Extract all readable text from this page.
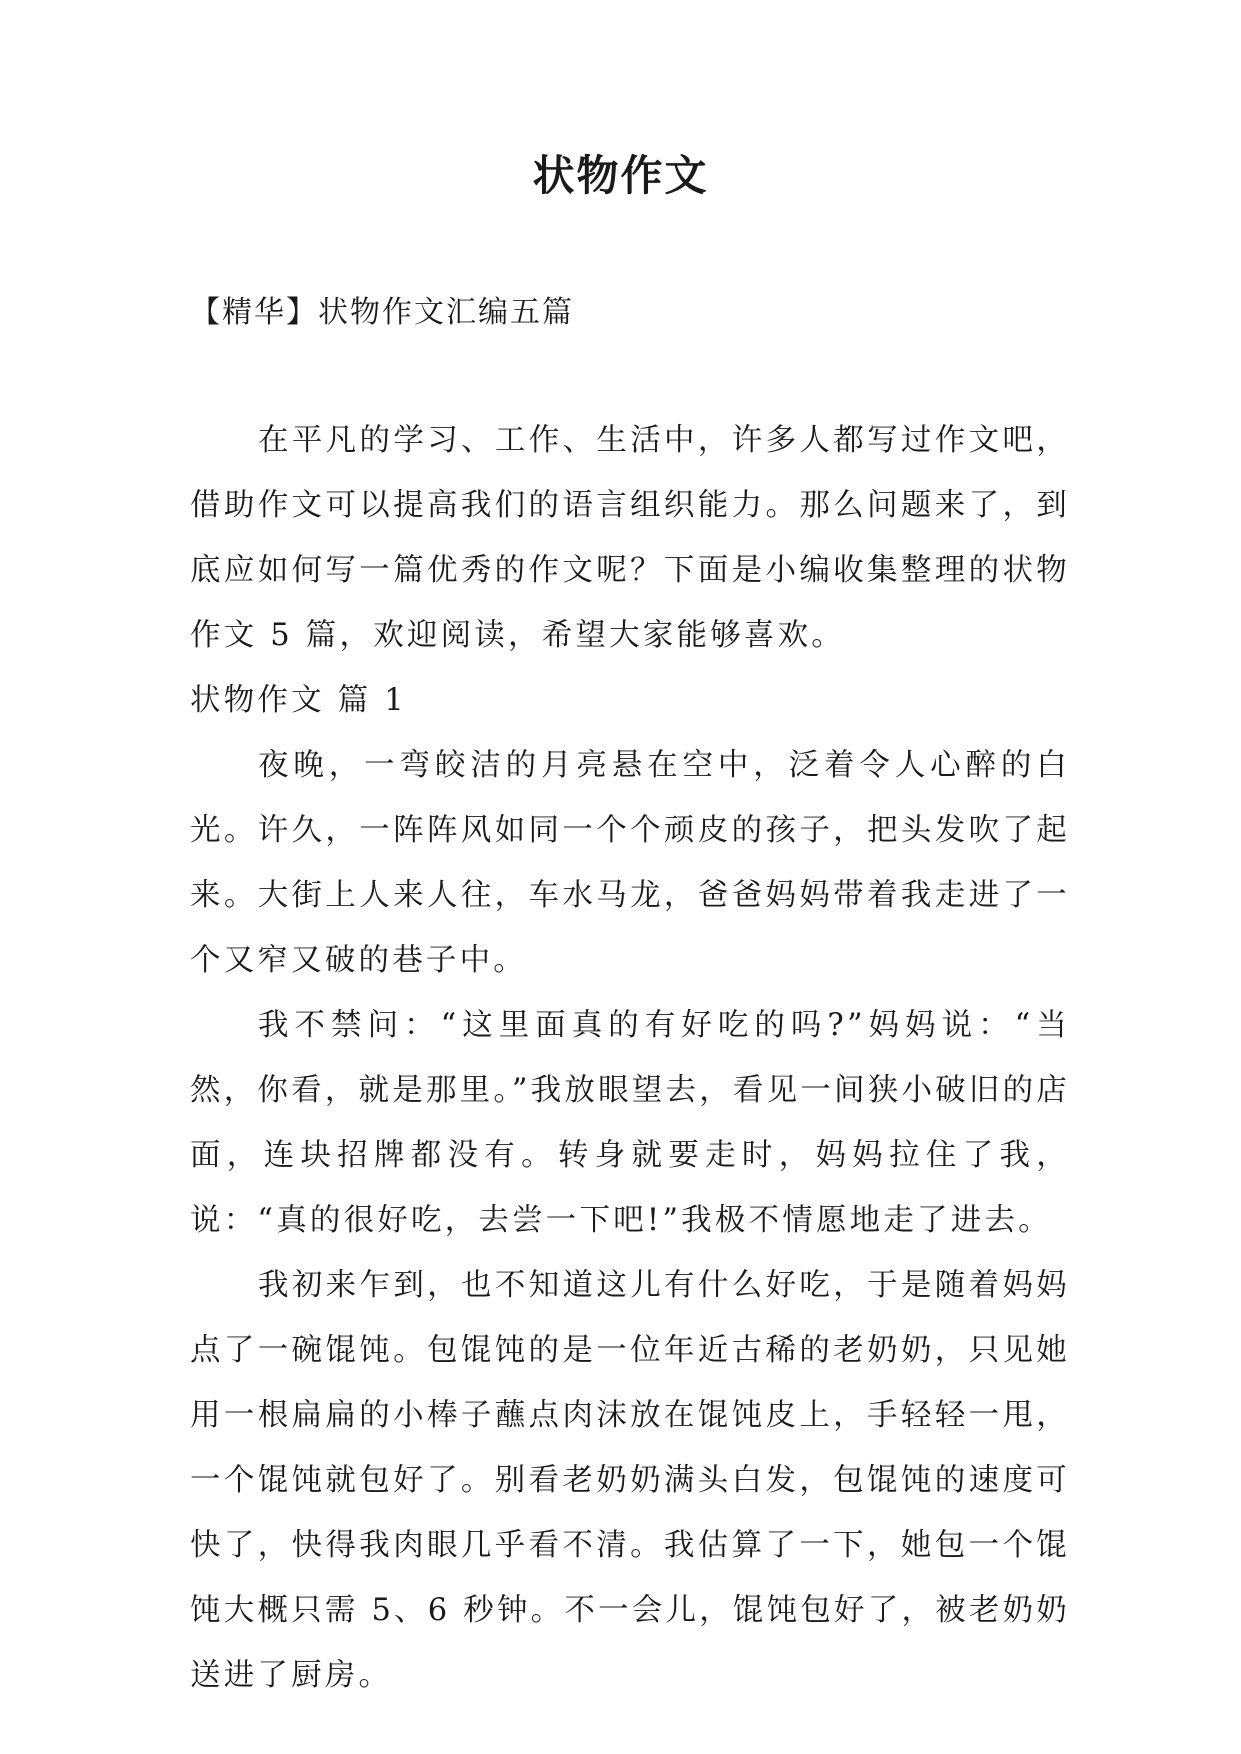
状物作文

【精华】状物作文汇编五篇

在平凡的学习、工作、生活中，许多人都写过作文吧，借助作文可以提高我们的语言组织能力。那么问题来了，到底应如何写一篇优秀的作文呢？下面是小编收集整理的状物作文 5 篇，欢迎阅读，希望大家能够喜欢。

状物作文 篇 1

夜晚，一弯皎洁的月亮悬在空中，泛着令人心醉的白光。许久，一阵阵风如同一个个顽皮的孩子，把头发吹了起来。大街上人来人往，车水马龙，爸爸妈妈带着我走进了一个又窄又破的巷子中。

我不禁问：“这里面真的有好吃的吗?”妈妈说：“当然，你看，就是那里。”我放眼望去，看见一间狭小破旧的店面，连块招牌都没有。转身就要走时，妈妈拉住了我，说：“真的很好吃，去尝一下吧!”我极不情愿地走了进去。

我初来乍到，也不知道这儿有什么好吃，于是随着妈妈点了一碗馄饨。包馄饨的是一位年近古稀的老奶奶，只见她用一根扁扁的小棒子蘸点肉沫放在馄饨皮上，手轻轻一甩，一个馄饨就包好了。别看老奶奶满头白发，包馄饨的速度可快了，快得我肉眼几乎看不清。我估算了一下，她包一个馄饨大概只需 5、6 秒钟。不一会儿，馄饨包好了，被老奶奶送进了厨房。
